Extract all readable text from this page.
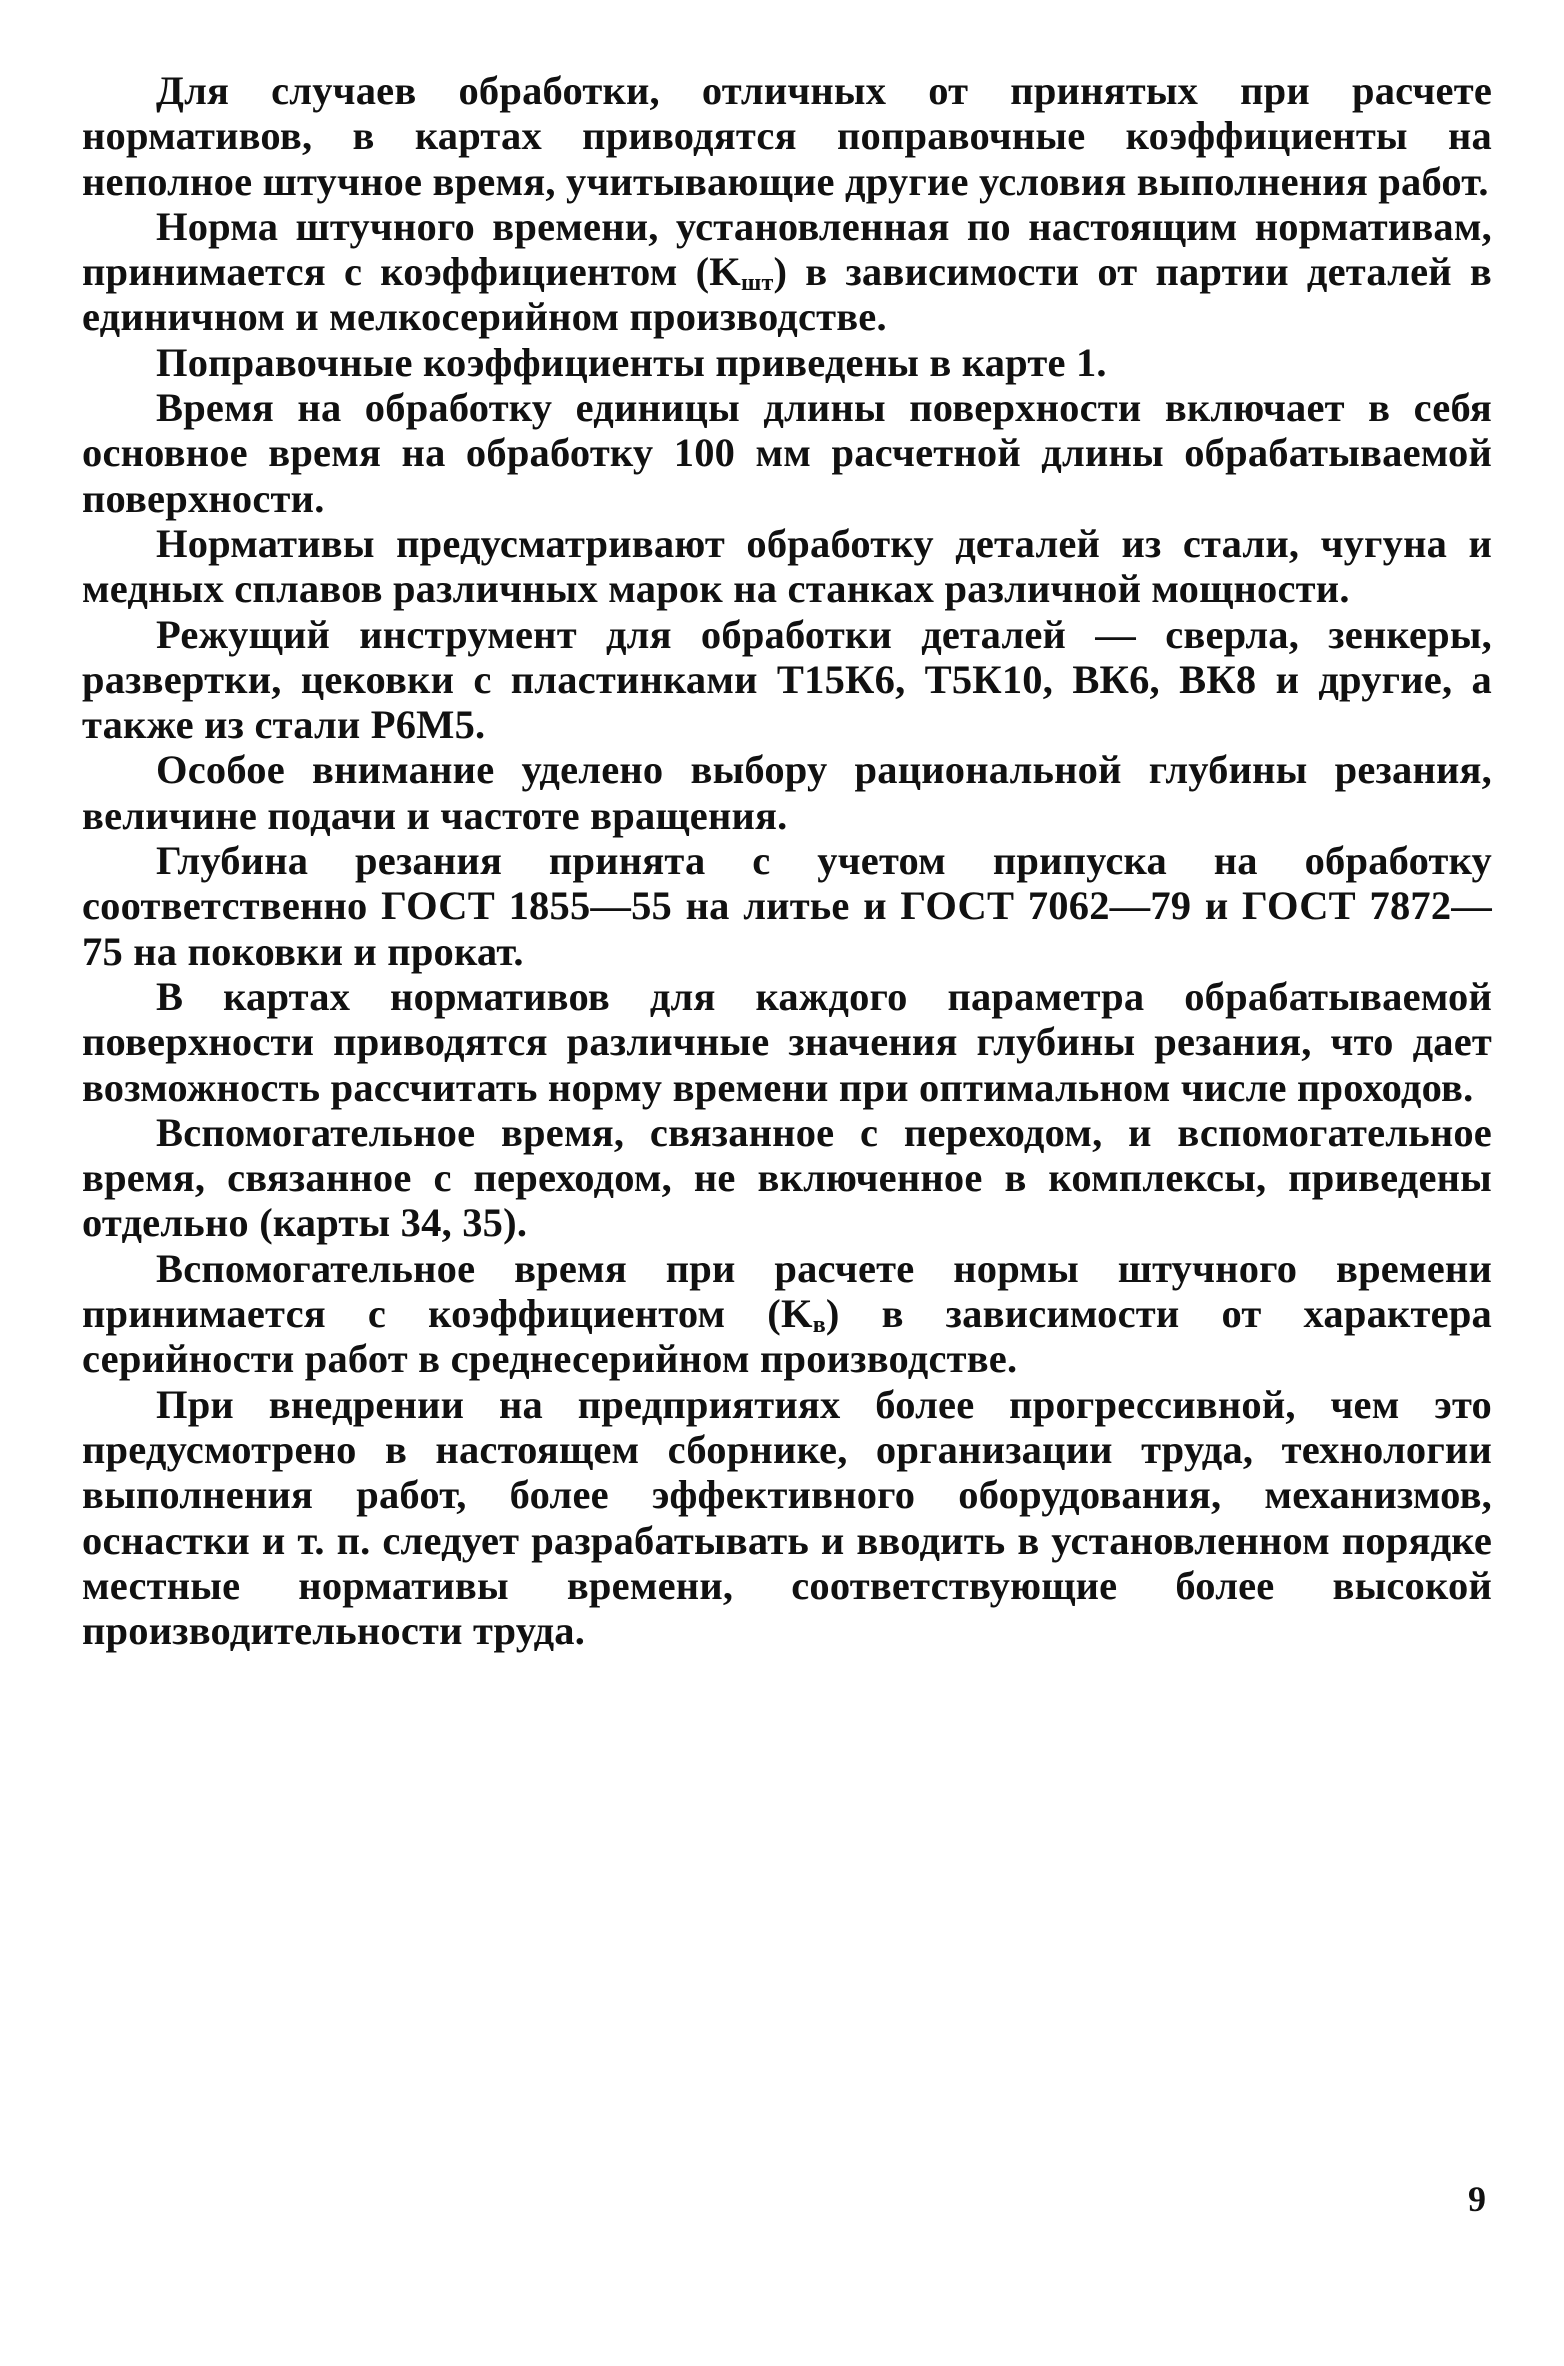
Для случаев обработки, отличных от принятых при расчете нормативов, в картах приводятся поправочные коэффициенты на неполное штучное время, учитывающие другие условия выполнения работ.

Норма штучного времени, установленная по настоящим нормативам, принимается с коэффициентом $(K_{шт})$ в зависимости от партии деталей в единичном и мелкосерийном производстве.

Поправочные коэффициенты приведены в карте 1.

Время на обработку единицы длины поверхности включает в себя основное время на обработку 100 мм расчетной длины обрабатываемой поверхности.

Нормативы предусматривают обработку деталей из стали, чугуна и медных сплавов различных марок на станках различной мощности.

Режущий инструмент для обработки деталей — сверла, зенкеры, развертки, цековки с пластинками Т15К6, Т5К10, ВК6, ВК8 и другие, а также из стали Р6М5.

Особое внимание уделено выбору рациональной глубины резания, величине подачи и частоте вращения.

Глубина резания принята с учетом припуска на обработку соответственно ГОСТ 1855—55 на литье и ГОСТ 7062—79 и ГОСТ 7872—75 на поковки и прокат.

В картах нормативов для каждого параметра обрабатываемой поверхности приводятся различные значения глубины резания, что дает возможность рассчитать норму времени при оптимальном числе проходов.

Вспомогательное время, связанное с переходом, и вспомогательное время, связанное с переходом, не включенное в комплексы, приведены отдельно (карты 34, 35).

Вспомогательное время при расчете нормы штучного времени принимается с коэффициентом $(K_в)$ в зависимости от характера серийности работ в среднесерийном производстве.

При внедрении на предприятиях более прогрессивной, чем это предусмотрено в настоящем сборнике, организации труда, технологии выполнения работ, более эффективного оборудования, механизмов, оснастки и т. п. следует разрабатывать и вводить в установленном порядке местные нормативы времени, соответствующие более высокой производительности труда.

9
